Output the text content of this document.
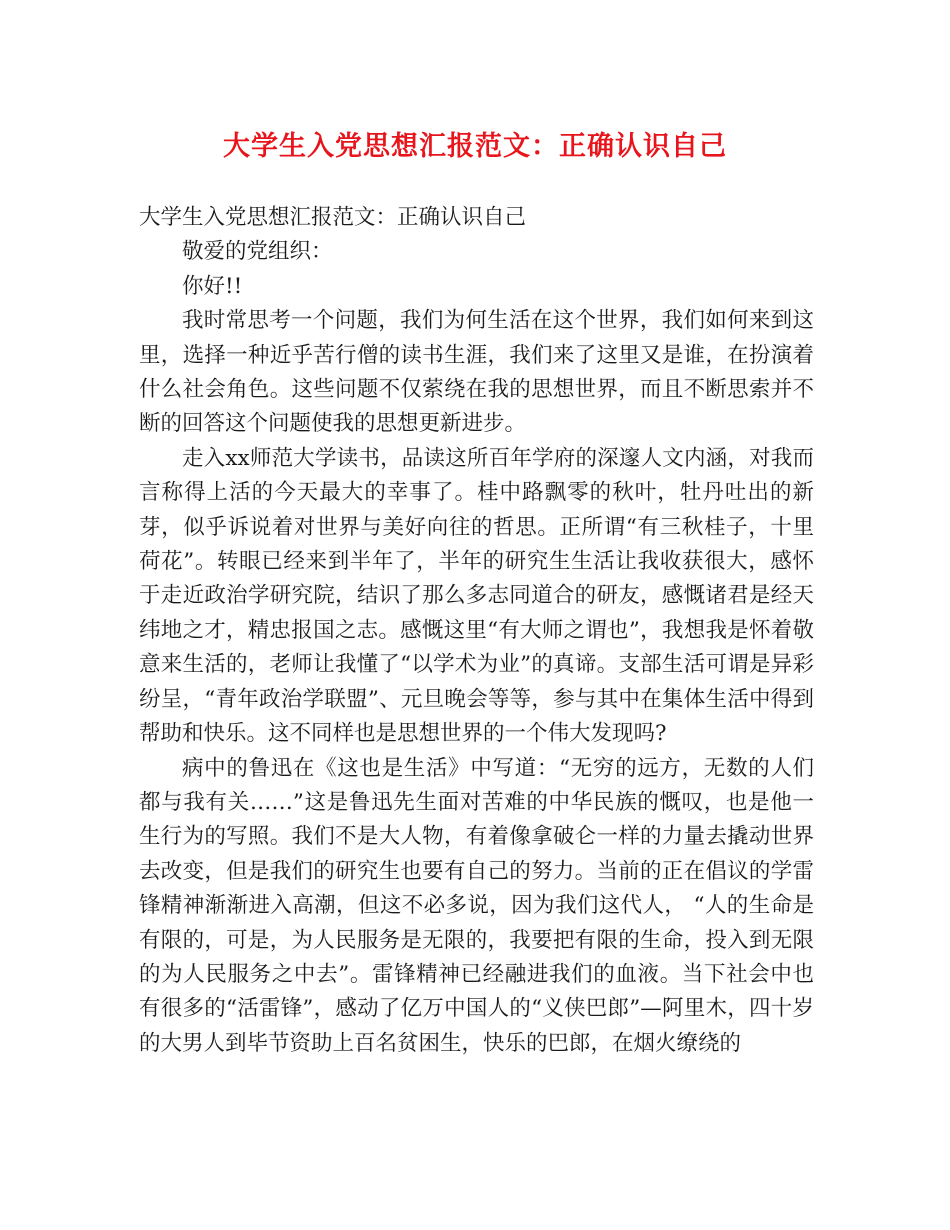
大学生入党思想汇报范文：正确认识自己

大学生入党思想汇报范文：正确认识自己

敬爱的党组织：

你好!!

我时常思考一个问题，我们为何生活在这个世界，我们如何来到这里，选择一种近乎苦行僧的读书生涯，我们来了这里又是谁，在扮演着什么社会角色。这些问题不仅萦绕在我的思想世界，而且不断思索并不断的回答这个问题使我的思想更新进步。

走入xx师范大学读书，品读这所百年学府的深邃人文内涵，对我而言称得上活的今天最大的幸事了。桂中路飘零的秋叶，牡丹吐出的新芽，似乎诉说着对世界与美好向往的哲思。正所谓“有三秋桂子，十里荷花”。转眼已经来到半年了，半年的研究生生活让我收获很大，感怀于走近政治学研究院，结识了那么多志同道合的研友，感慨诸君是经天纬地之才，精忠报国之志。感慨这里“有大师之谓也”，我想我是怀着敬意来生活的，老师让我懂了“以学术为业”的真谛。支部生活可谓是异彩纷呈，“青年政治学联盟”、元旦晚会等等，参与其中在集体生活中得到帮助和快乐。这不同样也是思想世界的一个伟大发现吗?

病中的鲁迅在《这也是生活》中写道：“无穷的远方，无数的人们都与我有关……”这是鲁迅先生面对苦难的中华民族的慨叹，也是他一生行为的写照。我们不是大人物，有着像拿破仑一样的力量去撬动世界去改变，但是我们的研究生也要有自己的努力。当前的正在倡议的学雷锋精神渐渐进入高潮，但这不必多说，因为我们这代人， “人的生命是有限的，可是，为人民服务是无限的，我要把有限的生命，投入到无限的为人民服务之中去”。雷锋精神已经融进我们的血液。当下社会中也有很多的“活雷锋”，感动了亿万中国人的“义侠巴郎”—阿里木，四十岁的大男人到毕节资助上百名贫困生，快乐的巴郎，在烟火缭绕的
